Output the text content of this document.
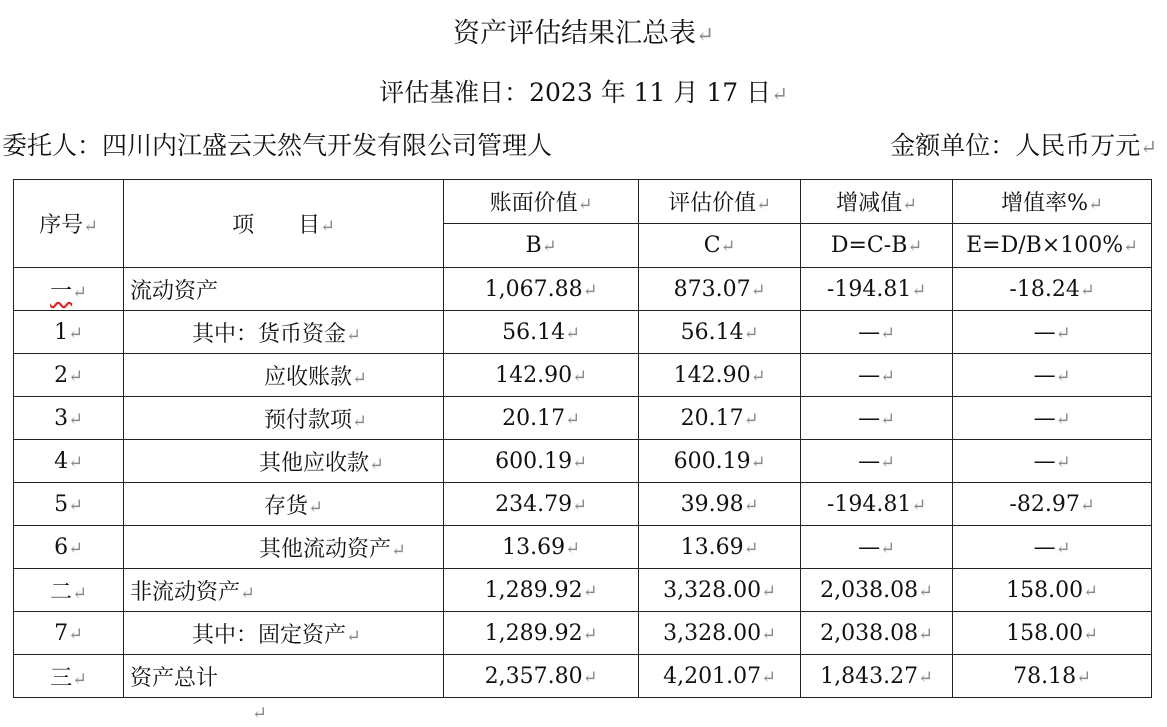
资产评估结果汇总表↵
评估基准日：2023 年 11 月 17 日↵
委托人：四川内江盛云天然气开发有限公司管理人	金额单位：人民币万元↵
序号↵	项　　目↵	账面价值↵	评估价值↵	增减值↵	增值率%↵
		B↵	C↵	D=C-B↵	E=D/B×100%↵
一↵	流动资产	1,067.88↵	873.07↵	-194.81↵	-18.24↵
1↵	其中：货币资金↵	56.14↵	56.14↵	—↵	—↵
2↵	应收账款↵	142.90↵	142.90↵	—↵	—↵
3↵	预付款项↵	20.17↵	20.17↵	—↵	—↵
4↵	其他应收款↵	600.19↵	600.19↵	—↵	—↵
5↵	存货↵	234.79↵	39.98↵	-194.81↵	-82.97↵
6↵	其他流动资产↵	13.69↵	13.69↵	—↵	—↵
二↵	非流动资产↵	1,289.92↵	3,328.00↵	2,038.08↵	158.00↵
7↵	其中：固定资产↵	1,289.92↵	3,328.00↵	2,038.08↵	158.00↵
三↵	资产总计	2,357.80↵	4,201.07↵	1,843.27↵	78.18↵
↵
